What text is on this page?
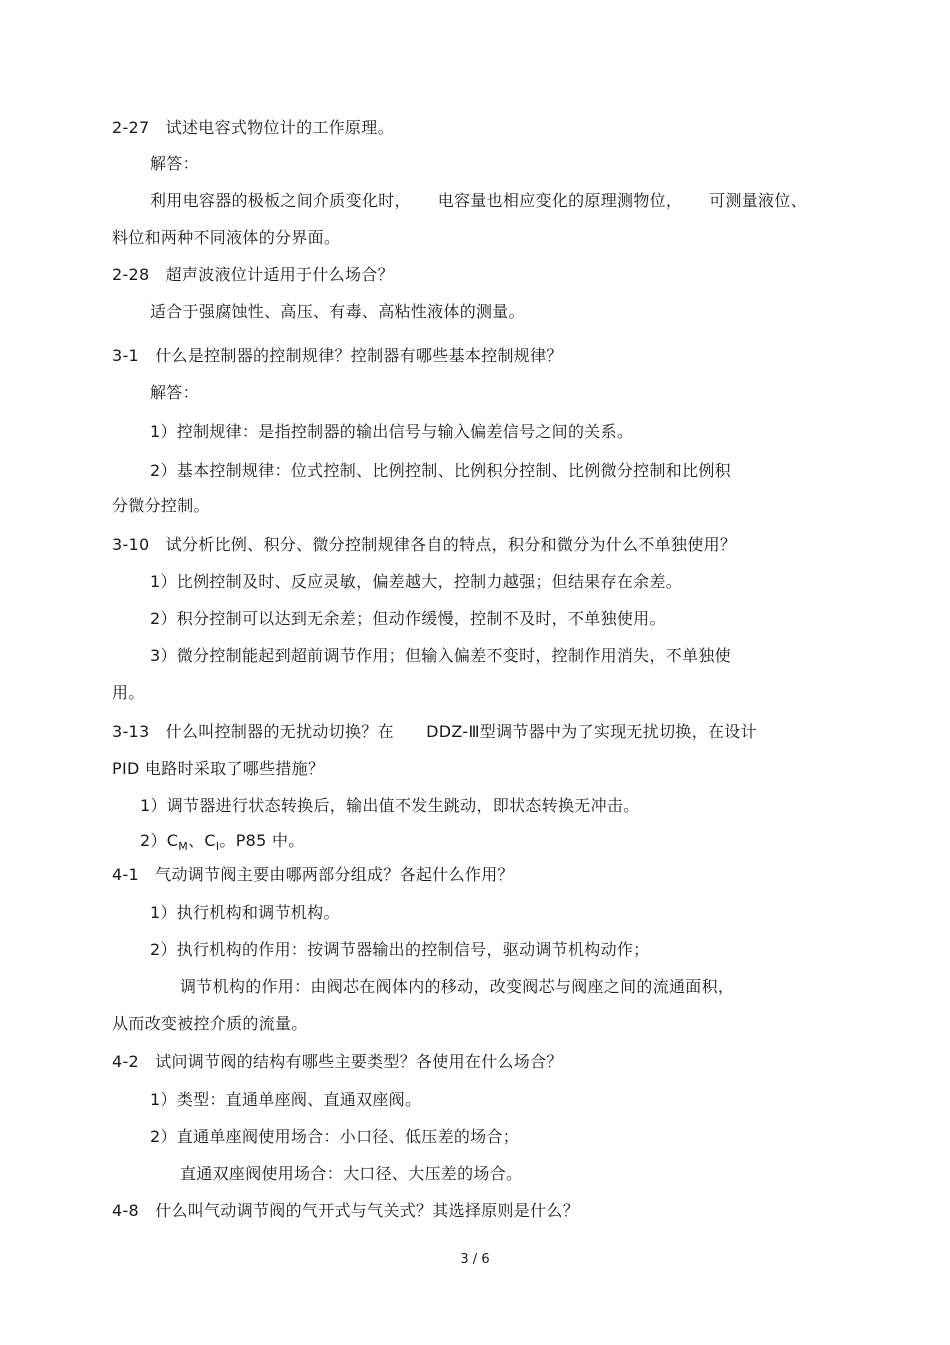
2-27   试述电容式物位计的工作原理。
解答：
利用电容器的极板之间介质变化时，     电容量也相应变化的原理测物位，     可测量液位、
料位和两种不同液体的分界面。
2-28   超声波液位计适用于什么场合？
适合于强腐蚀性、高压、有毒、高粘性液体的测量。
3-1   什么是控制器的控制规律？控制器有哪些基本控制规律？
解答：
1）控制规律：是指控制器的输出信号与输入偏差信号之间的关系。
2）基本控制规律：位式控制、比例控制、比例积分控制、比例微分控制和比例积
分微分控制。
3-10   试分析比例、积分、微分控制规律各自的特点，积分和微分为什么不单独使用？
1）比例控制及时、反应灵敏，偏差越大，控制力越强；但结果存在余差。
2）积分控制可以达到无余差；但动作缓慢，控制不及时，不单独使用。
3）微分控制能起到超前调节作用；但输入偏差不变时，控制作用消失，不单独使
用。
3-13   什么叫控制器的无扰动切换？在      DDZ-Ⅲ型调节器中为了实现无扰切换，在设计
PID 电路时采取了哪些措施？
1）调节器进行状态转换后，输出值不发生跳动，即状态转换无冲击。
$2)C_M$、$C_I$。P85 中。
4-1   气动调节阀主要由哪两部分组成？各起什么作用？
1）执行机构和调节机构。
2）执行机构的作用：按调节器输出的控制信号，驱动调节机构动作；
调节机构的作用：由阀芯在阀体内的移动，改变阀芯与阀座之间的流通面积，
从而改变被控介质的流量。
4-2   试问调节阀的结构有哪些主要类型？各使用在什么场合？
1）类型：直通单座阀、直通双座阀。
2）直通单座阀使用场合：小口径、低压差的场合；
直通双座阀使用场合：大口径、大压差的场合。
4-8   什么叫气动调节阀的气开式与气关式？其选择原则是什么？
3 / 6
